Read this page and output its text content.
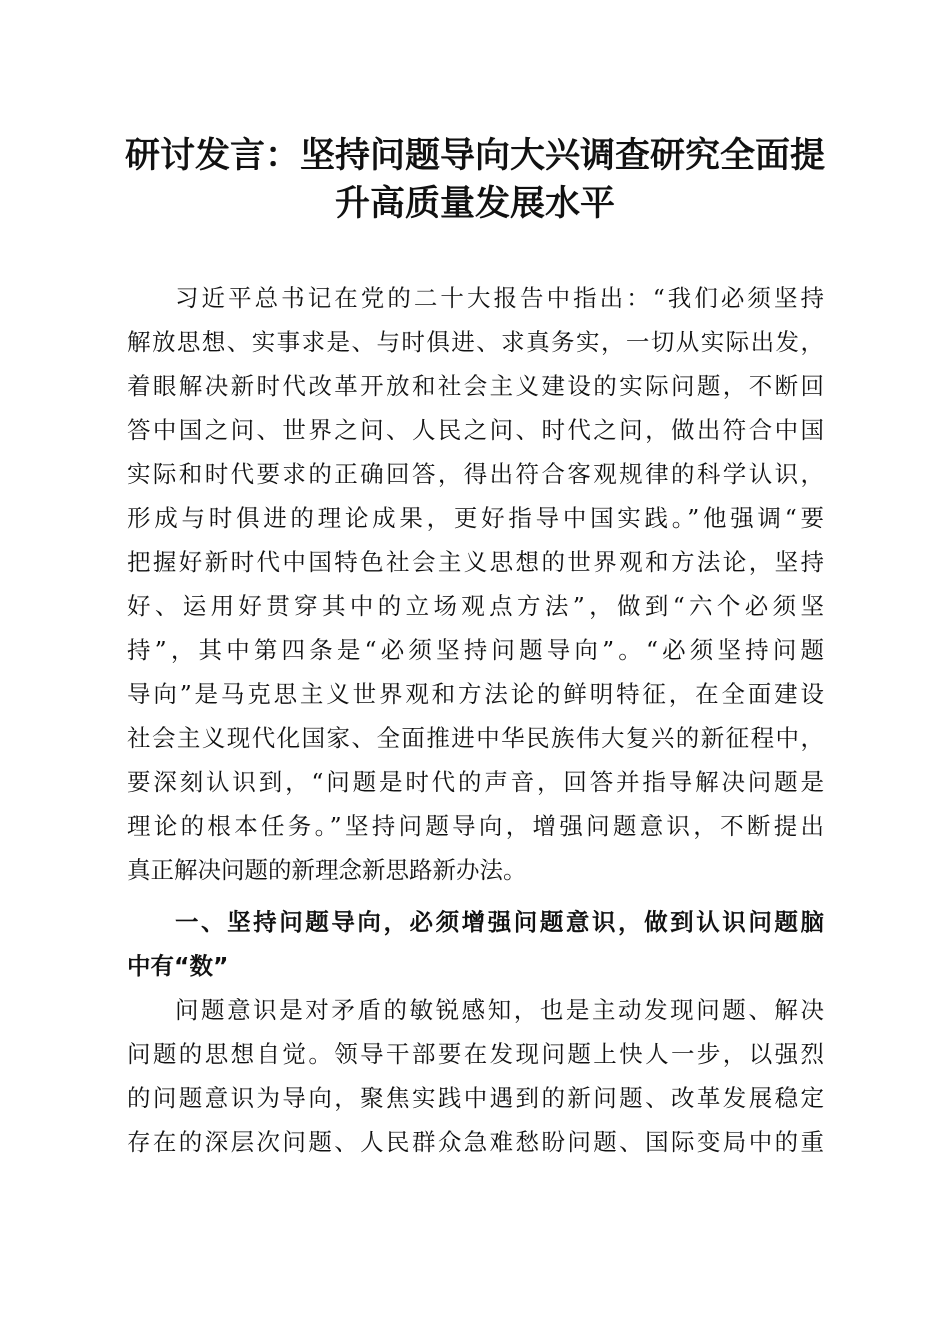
研讨发言：坚持问题导向大兴调查研究全面提
升高质量发展水平
习近平总书记在党的二十大报告中指出：“我们必须坚持
解放思想、实事求是、与时俱进、求真务实，一切从实际出发，
着眼解决新时代改革开放和社会主义建设的实际问题，不断回
答中国之问、世界之问、人民之问、时代之问，做出符合中国
实际和时代要求的正确回答，得出符合客观规律的科学认识，
形成与时俱进的理论成果，更好指导中国实践。”他强调“要
把握好新时代中国特色社会主义思想的世界观和方法论，坚持
好、运用好贯穿其中的立场观点方法”，做到“六个必须坚
持”，其中第四条是“必须坚持问题导向”。“必须坚持问题
导向”是马克思主义世界观和方法论的鲜明特征，在全面建设
社会主义现代化国家、全面推进中华民族伟大复兴的新征程中，
要深刻认识到，“问题是时代的声音，回答并指导解决问题是
理论的根本任务。”坚持问题导向，增强问题意识，不断提出
真正解决问题的新理念新思路新办法。
一、坚持问题导向，必须增强问题意识，做到认识问题脑
中有“数”
问题意识是对矛盾的敏锐感知，也是主动发现问题、解决
问题的思想自觉。领导干部要在发现问题上快人一步，以强烈
的问题意识为导向，聚焦实践中遇到的新问题、改革发展稳定
存在的深层次问题、人民群众急难愁盼问题、国际变局中的重
